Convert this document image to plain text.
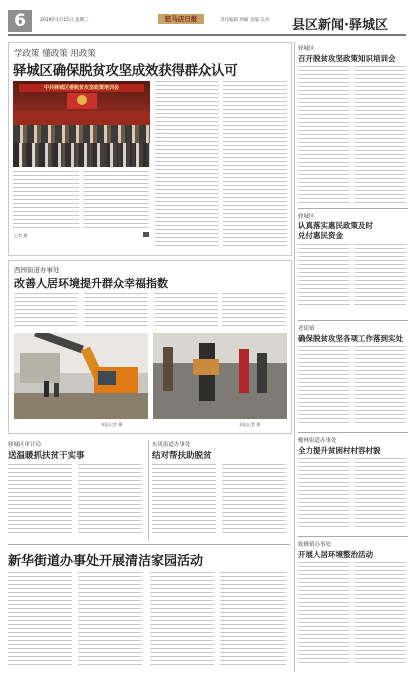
6	2019年1月15日 星期二	驻马店日报	责任编辑 周颖 美编 吴涛 县区新闻·驿城区
学政策 懂政策 用政策
驿城区确保脱贫攻坚成效获得群众认可
中共驿城区委脱贫攻坚政策培训会
记者 摄
西园街道办事处
改善人居环境提升群众幸福指数
本报记者 摄	本报记者 摄
驿城区审计局
送温暖抓扶贫干实事
东风街道办事处
结对帮扶助脱贫
新华街道办事处开展清洁家园活动
驿城区
召开脱贫攻坚政策知识培训会
驿城区
认真落实惠民政策及时兑付惠民资金
老街镇
确保脱贫攻坚各项工作落到实处
橡林街道办事处
全力提升贫困村村容村貌
蚁蜂镇办事处
开展人居环境整治活动
